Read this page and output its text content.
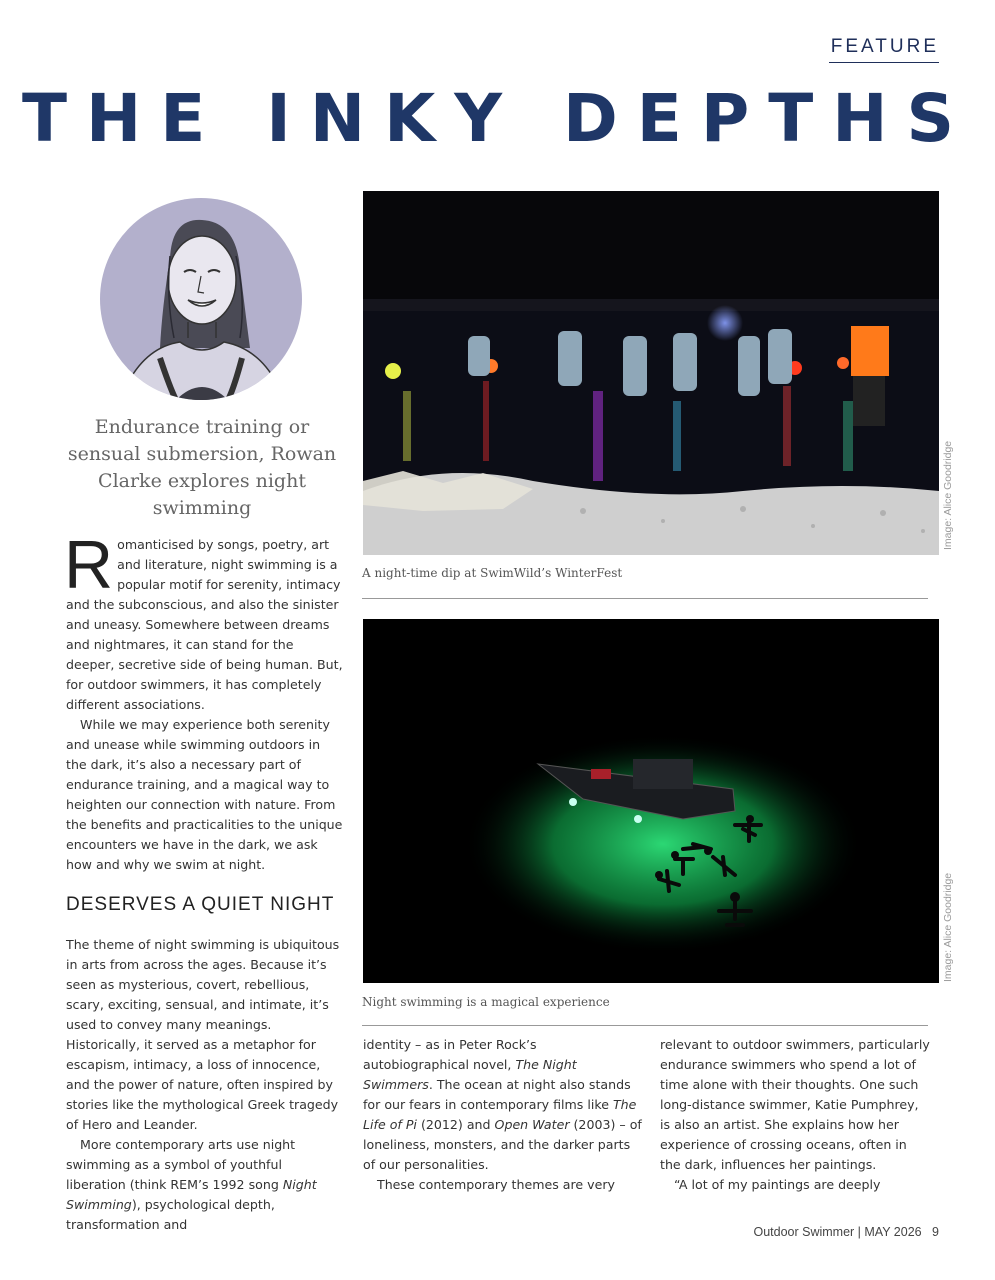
FEATURE
THE INKY DEPTHS
Endurance training or sensual submersion, Rowan Clarke explores night swimming
R omanticised by songs, poetry, art and literature, night swimming is a popular motif for serenity, intimacy and the subconscious, and also the sinister and uneasy. Somewhere between dreams and nightmares, it can stand for the deeper, secretive side of being human. But, for outdoor swimmers, it has completely different associations.

While we may experience both serenity and unease while swimming outdoors in the dark, it’s also a necessary part of endurance training, and a magical way to heighten our connection with nature. From the benefits and practicalities to the unique encounters we have in the dark, we ask how and why we swim at night.

DESERVES A QUIET NIGHT

The theme of night swimming is ubiquitous in arts from across the ages. Because it’s seen as mysterious, covert, rebellious, scary, exciting, sensual, and intimate, it’s used to convey many meanings. Historically, it served as a metaphor for escapism, intimacy, a loss of innocence, and the power of nature, often inspired by stories like the mythological Greek tragedy of Hero and Leander.

More contemporary arts use night swimming as a symbol of youthful liberation (think REM’s 1992 song Night Swimming), psychological depth, transformation and

Image: Alice Goodridge
A night-time dip at SwimWild’s WinterFest
Image: Alice Goodridge
Night swimming is a magical experience

identity – as in Peter Rock’s autobiographical novel, The Night Swimmers. The ocean at night also stands for our fears in contemporary films like The Life of Pi (2012) and Open Water (2003) – of loneliness, monsters, and the darker parts of our personalities.

These contemporary themes are very

relevant to outdoor swimmers, particularly endurance swimmers who spend a lot of time alone with their thoughts. One such long-distance swimmer, Katie Pumphrey, is also an artist. She explains how her experience of crossing oceans, often in the dark, influences her paintings.

“A lot of my paintings are deeply

Outdoor Swimmer | MAY 2026 9
